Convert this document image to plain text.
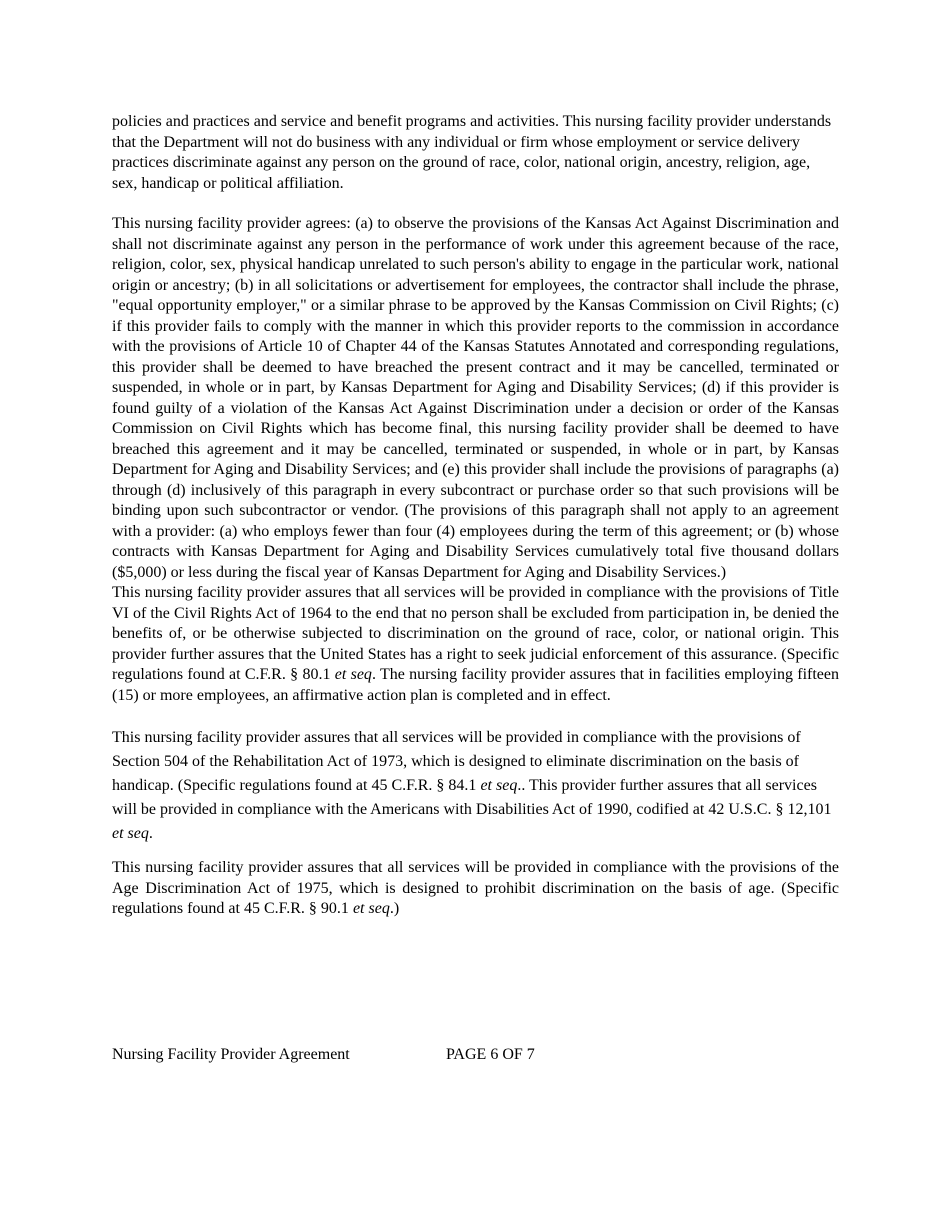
policies and practices and service and benefit programs and activities. This nursing facility provider understands that the Department will not do business with any individual or firm whose employment or service delivery practices discriminate against any person on the ground of race, color, national origin, ancestry, religion, age, sex, handicap or political affiliation.

This nursing facility provider agrees: (a) to observe the provisions of the Kansas Act Against Discrimination and shall not discriminate against any person in the performance of work under this agreement because of the race, religion, color, sex, physical handicap unrelated to such person's ability to engage in the particular work, national origin or ancestry; (b) in all solicitations or advertisement for employees, the contractor shall include the phrase, "equal opportunity employer," or a similar phrase to be approved by the Kansas Commission on Civil Rights; (c) if this provider fails to comply with the manner in which this provider reports to the commission in accordance with the provisions of Article 10 of Chapter 44 of the Kansas Statutes Annotated and corresponding regulations, this provider shall be deemed to have breached the present contract and it may be cancelled, terminated or suspended, in whole or in part, by Kansas Department for Aging and Disability Services; (d) if this provider is found guilty of a violation of the Kansas Act Against Discrimination under a decision or order of the Kansas Commission on Civil Rights which has become final, this nursing facility provider shall be deemed to have breached this agreement and it may be cancelled, terminated or suspended, in whole or in part, by Kansas Department for Aging and Disability Services; and (e) this provider shall include the provisions of paragraphs (a) through (d) inclusively of this paragraph in every subcontract or purchase order so that such provisions will be binding upon such subcontractor or vendor. (The provisions of this paragraph shall not apply to an agreement with a provider: (a) who employs fewer than four (4) employees during the term of this agreement; or (b) whose contracts with Kansas Department for Aging and Disability Services cumulatively total five thousand dollars ($5,000) or less during the fiscal year of Kansas Department for Aging and Disability Services.)

This nursing facility provider assures that all services will be provided in compliance with the provisions of Title VI of the Civil Rights Act of 1964 to the end that no person shall be excluded from participation in, be denied the benefits of, or be otherwise subjected to discrimination on the ground of race, color, or national origin. This provider further assures that the United States has a right to seek judicial enforcement of this assurance. (Specific regulations found at C.F.R. § 80.1 et seq. The nursing facility provider assures that in facilities employing fifteen (15) or more employees, an affirmative action plan is completed and in effect.

This nursing facility provider assures that all services will be provided in compliance with the provisions of Section 504 of the Rehabilitation Act of 1973, which is designed to eliminate discrimination on the basis of handicap. (Specific regulations found at 45 C.F.R. § 84.1 et seq.. This provider further assures that all services will be provided in compliance with the Americans with Disabilities Act of 1990, codified at 42 U.S.C. § 12,101 et seq.

This nursing facility provider assures that all services will be provided in compliance with the provisions of the Age Discrimination Act of 1975, which is designed to prohibit discrimination on the basis of age. (Specific regulations found at 45 C.F.R. § 90.1 et seq.)

Nursing Facility Provider Agreement	PAGE 6 OF 7
